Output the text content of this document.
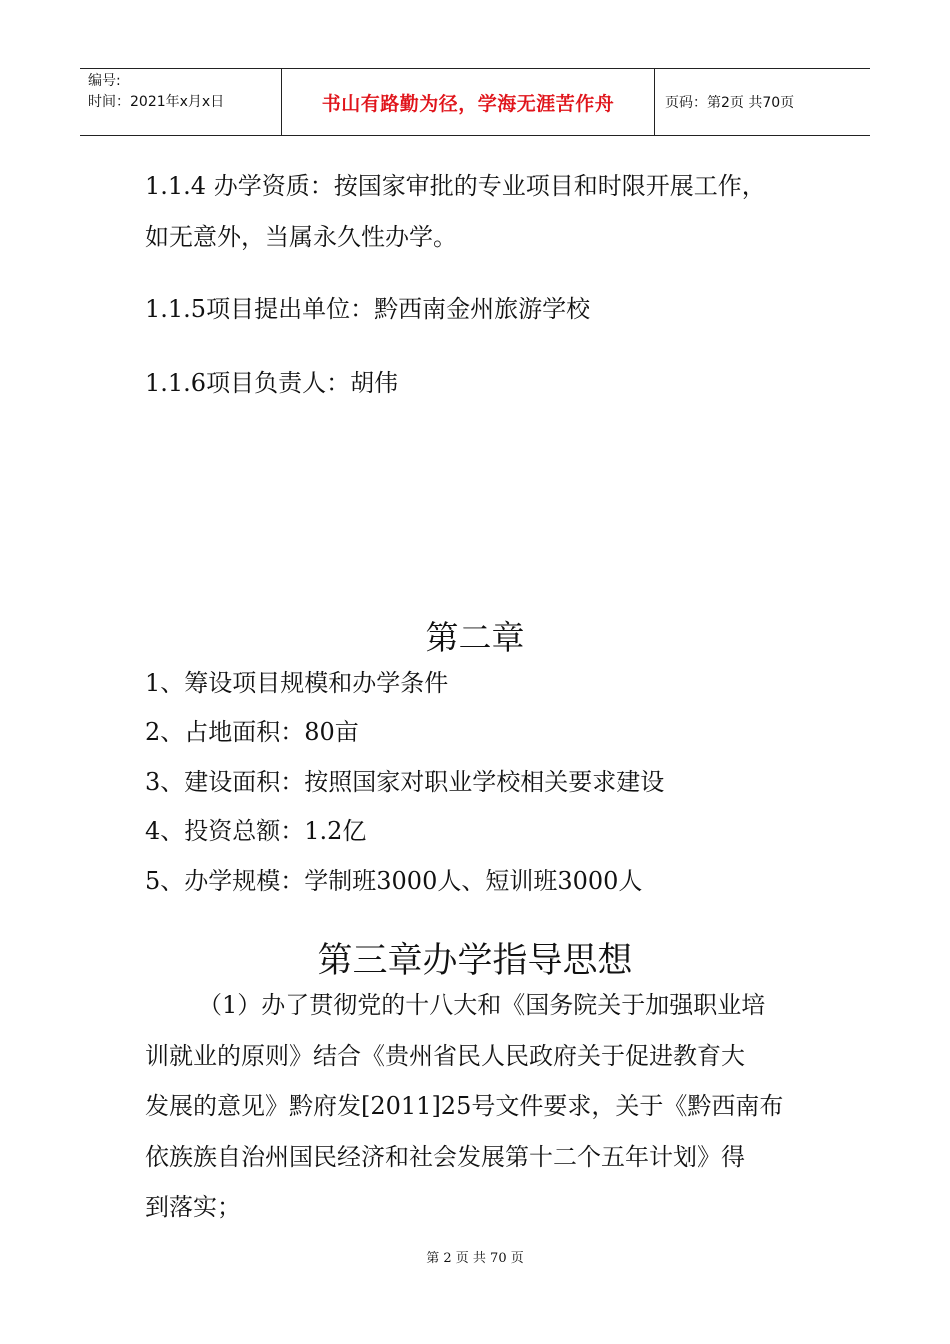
编号:
时间：2021年x月x日	书山有路勤为径，学海无涯苦作舟	页码：第2页 共70页
1.1.4 办学资质：按国家审批的专业项目和时限开展工作，
如无意外，当属永久性办学。
1.1.5项目提出单位：黔西南金州旅游学校
1.1.6项目负责人：胡伟
第二章
1、筹设项目规模和办学条件
2、占地面积：80亩
3、建设面积：按照国家对职业学校相关要求建设
4、投资总额：1.2亿
5、办学规模：学制班3000人、短训班3000人
第三章办学指导思想
（1）办了贯彻党的十八大和《国务院关于加强职业培
训就业的原则》结合《贵州省民人民政府关于促进教育大
发展的意见》黔府发[2011]25号文件要求，关于《黔西南布
依族族自治州国民经济和社会发展第十二个五年计划》得
到落实；
第 2 页 共 70 页
